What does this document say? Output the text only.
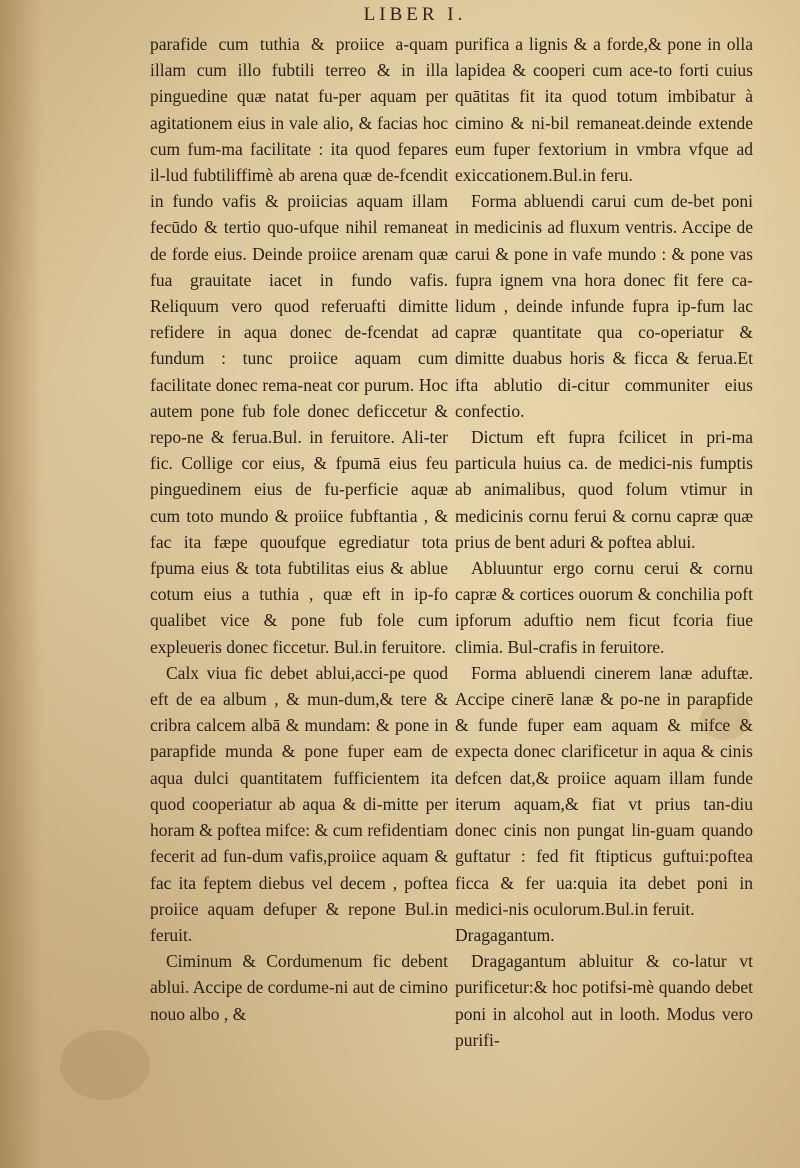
LIBER I.

parafide cum tuthia & proiice a-quam illam cum illo fubtili terreo & in illa pinguedine quæ natat fu-per aquam per agitationem eius in vale alio, & facias hoc cum fum-ma facilitate : ita quod fepares il-lud fubtiliffimè ab arena quæ de-fcendit in fundo vafis & proiicias aquam illam fecūdo & tertio quo-ufque nihil remaneat de forde eius. Deinde proiice arenam quæ fua grauitate iacet in fundo vafis. Reliquum vero quod referuafti dimitte refidere in aqua donec de-fcendat ad fundum : tunc proiice aquam cum facilitate donec rema-neat cor purum. Hoc autem pone fub fole donec deficcetur & repo-ne & ferua.Bul. in feruitore. Ali-ter fic. Collige cor eius, & fpumā eius feu pinguedinem eius de fu-perficie aquæ cum toto mundo & proiice fubftantia , & fac ita fæpe quoufque egrediatur tota fpuma eius & tota fubtilitas eius & ablue cotum eius a tuthia , quæ eft in ip-fo qualibet vice & pone fub fole cum expleueris donec ficcetur. Bul.in feruitore.

Calx viua fic debet ablui,acci-pe quod eft de ea album , & mun-dum,& tere & cribra calcem albā & mundam: & pone in parapfide munda & pone fuper eam de aqua dulci quantitatem fufficientem ita quod cooperiatur ab aqua & di-mitte per horam & poftea mifce: & cum refidentiam fecerit ad fun-dum vafis,proiice aquam & fac ita feptem diebus vel decem , poftea proiice aquam defuper & repone Bul.in feruit.

Ciminum & Cordumenum fic debent ablui. Accipe de cordume-ni aut de cimino nouo albo , &

purifica a lignis & a forde,& pone in olla lapidea & cooperi cum ace-to forti cuius quātitas fit ita quod totum imbibatur à cimino & ni-bil remaneat.deinde extende eum fuper fextorium in vmbra vfque ad exiccationem.Bul.in feru.

Forma abluendi carui cum de-bet poni in medicinis ad fluxum ventris. Accipe de carui & pone in vafe mundo : & pone vas fupra ignem vna hora donec fit fere ca-lidum , deinde infunde fupra ip-fum lac capræ quantitate qua co-operiatur & dimitte duabus horis & ficca & ferua.Et ifta ablutio di-citur communiter eius confectio.

Dictum eft fupra fcilicet in pri-ma particula huius ca. de medici-nis fumptis ab animalibus, quod folum vtimur in medicinis cornu ferui & cornu capræ quæ prius de bent aduri & poftea ablui.

Abluuntur ergo cornu cerui & cornu capræ & cortices ouorum & conchilia poft ipforum aduftio nem ficut fcoria fiue climia. Bul-crafis in feruitore.

Forma abluendi cinerem lanæ aduftæ. Accipe cinerē lanæ & po-ne in parapfide & funde fuper eam aquam & mifce & expecta donec clarificetur in aqua & cinis defcen dat,& proiice aquam illam funde iterum aquam,& fiat vt prius tan-diu donec cinis non pungat lin-guam quando guftatur : fed fit ftipticus guftui:poftea ficca & fer ua:quia ita debet poni in medici-nis oculorum.Bul.in feruit.

Dragagantum.

Dragagantum abluitur & co-latur vt purificetur:& hoc potifsi-mè quando debet poni in alcohol aut in looth. Modus vero purifi-
